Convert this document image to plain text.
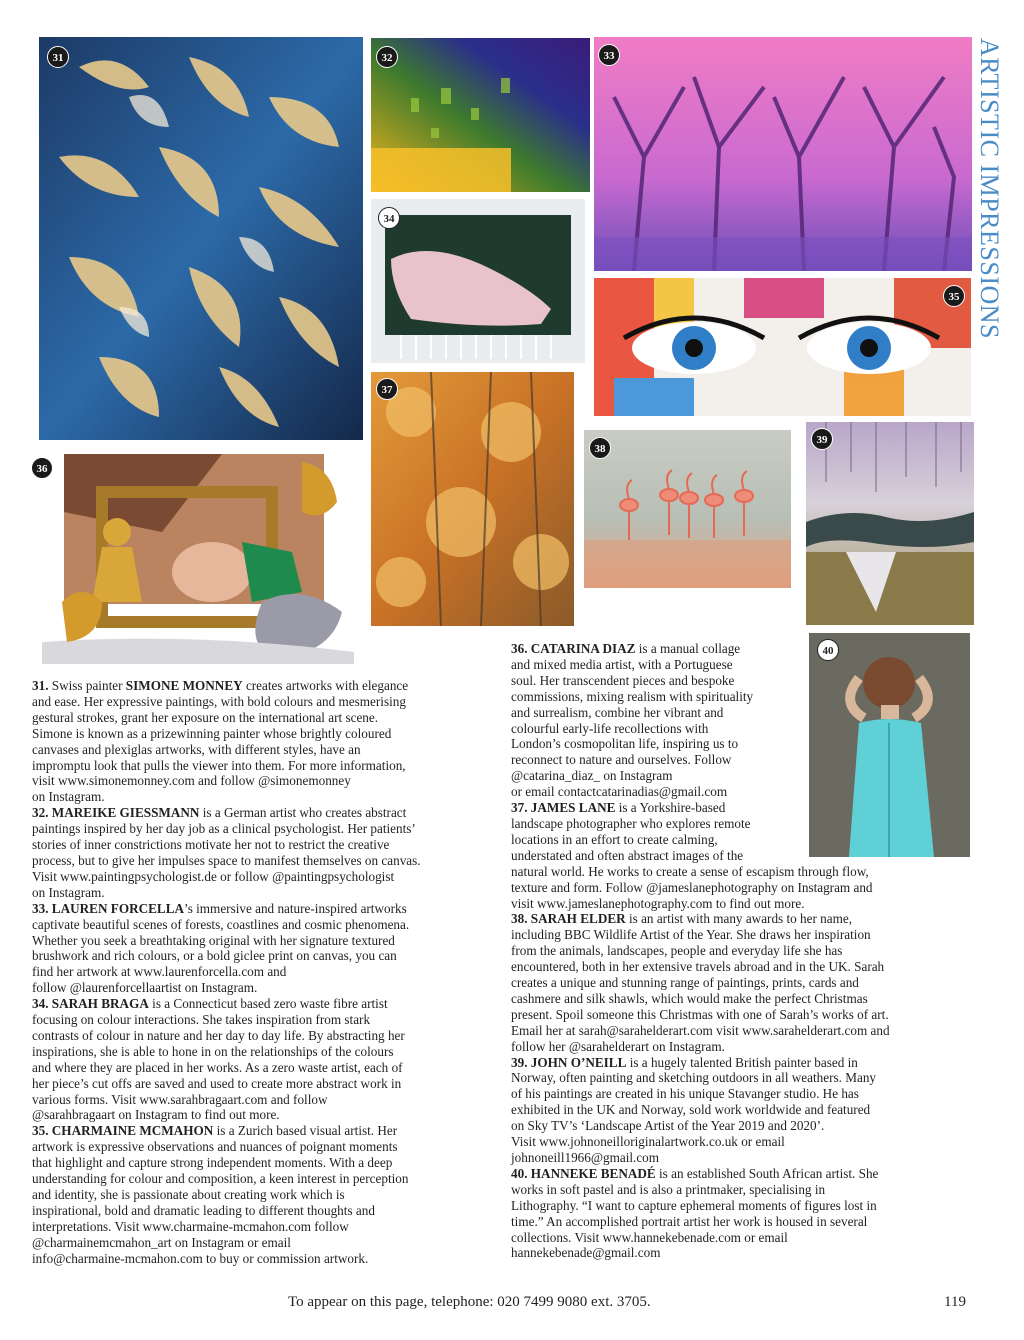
ARTISTIC IMPRESSIONS
31	32	33
34
35
36
37
38
39
40

31. Swiss painter SIMONE MONNEY creates artworks with elegance
and ease. Her expressive paintings, with bold colours and mesmerising
gestural strokes, grant her exposure on the international art scene.
Simone is known as a prizewinning painter whose brightly coloured
canvases and plexiglas artworks, with different styles, have an
impromptu look that pulls the viewer into them. For more information,
visit www.simonemonney.com and follow @simonemonney
on Instagram.

32. MAREIKE GIESSMANN is a German artist who creates abstract
paintings inspired by her day job as a clinical psychologist. Her patients’
stories of inner constrictions motivate her not to restrict the creative
process, but to give her impulses space to manifest themselves on canvas.
Visit www.paintingpsychologist.de or follow @paintingpsychologist
on Instagram.

33. LAUREN FORCELLA’s immersive and nature-inspired artworks
captivate beautiful scenes of forests, coastlines and cosmic phenomena.
Whether you seek a breathtaking original with her signature textured
brushwork and rich colours, or a bold giclee print on canvas, you can
find her artwork at www.laurenforcella.com and
follow @laurenforcellaartist on Instagram.

34. SARAH BRAGA is a Connecticut based zero waste fibre artist
focusing on colour interactions. She takes inspiration from stark
contrasts of colour in nature and her day to day life. By abstracting her
inspirations, she is able to hone in on the relationships of the colours
and where they are placed in her works. As a zero waste artist, each of
her piece’s cut offs are saved and used to create more abstract work in
various forms. Visit www.sarahbragaart.com and follow
@sarahbragaart on Instagram to find out more.

35. CHARMAINE MCMAHON is a Zurich based visual artist. Her
artwork is expressive observations and nuances of poignant moments
that highlight and capture strong independent moments. With a deep
understanding for colour and composition, a keen interest in perception
and identity, she is passionate about creating work which is
inspirational, bold and dramatic leading to different thoughts and
interpretations. Visit www.charmaine-mcmahon.com follow
@charmainemcmahon_art on Instagram or email
info@charmaine-mcmahon.com to buy or commission artwork.

36. CATARINA DIAZ is a manual collage
and mixed media artist, with a Portuguese
soul. Her transcendent pieces and bespoke
commissions, mixing realism with spirituality
and surrealism, combine her vibrant and
colourful early-life recollections with
London’s cosmopolitan life, inspiring us to
reconnect to nature and ourselves. Follow
@catarina_diaz_ on Instagram
or email contactcatarinadias@gmail.com

37. JAMES LANE is a Yorkshire-based
landscape photographer who explores remote
locations in an effort to create calming,
understated and often abstract images of the
natural world. He works to create a sense of escapism through flow,
texture and form. Follow @jameslanephotography on Instagram and
visit www.jameslanephotography.com to find out more.

38. SARAH ELDER is an artist with many awards to her name,
including BBC Wildlife Artist of the Year. She draws her inspiration
from the animals, landscapes, people and everyday life she has
encountered, both in her extensive travels abroad and in the UK. Sarah
creates a unique and stunning range of paintings, prints, cards and
cashmere and silk shawls, which would make the perfect Christmas
present. Spoil someone this Christmas with one of Sarah’s works of art.
Email her at sarah@sarahelderart.com visit www.sarahelderart.com and
follow her @sarahelderart on Instagram.

39. JOHN O’NEILL is a hugely talented British painter based in
Norway, often painting and sketching outdoors in all weathers. Many
of his paintings are created in his unique Stavanger studio. He has
exhibited in the UK and Norway, sold work worldwide and featured
on Sky TV’s ‘Landscape Artist of the Year 2019 and 2020’.
Visit www.johnoneilloriginalartwork.co.uk or email
johnoneill1966@gmail.com

40. HANNEKE BENADÉ is an established South African artist. She
works in soft pastel and is also a printmaker, specialising in
Lithography. “I want to capture ephemeral moments of figures lost in
time.” An accomplished portrait artist her work is housed in several
collections. Visit www.hannekebenade.com or email
hannekebenade@gmail.com

To appear on this page, telephone: 020 7499 9080 ext. 3705.	119
